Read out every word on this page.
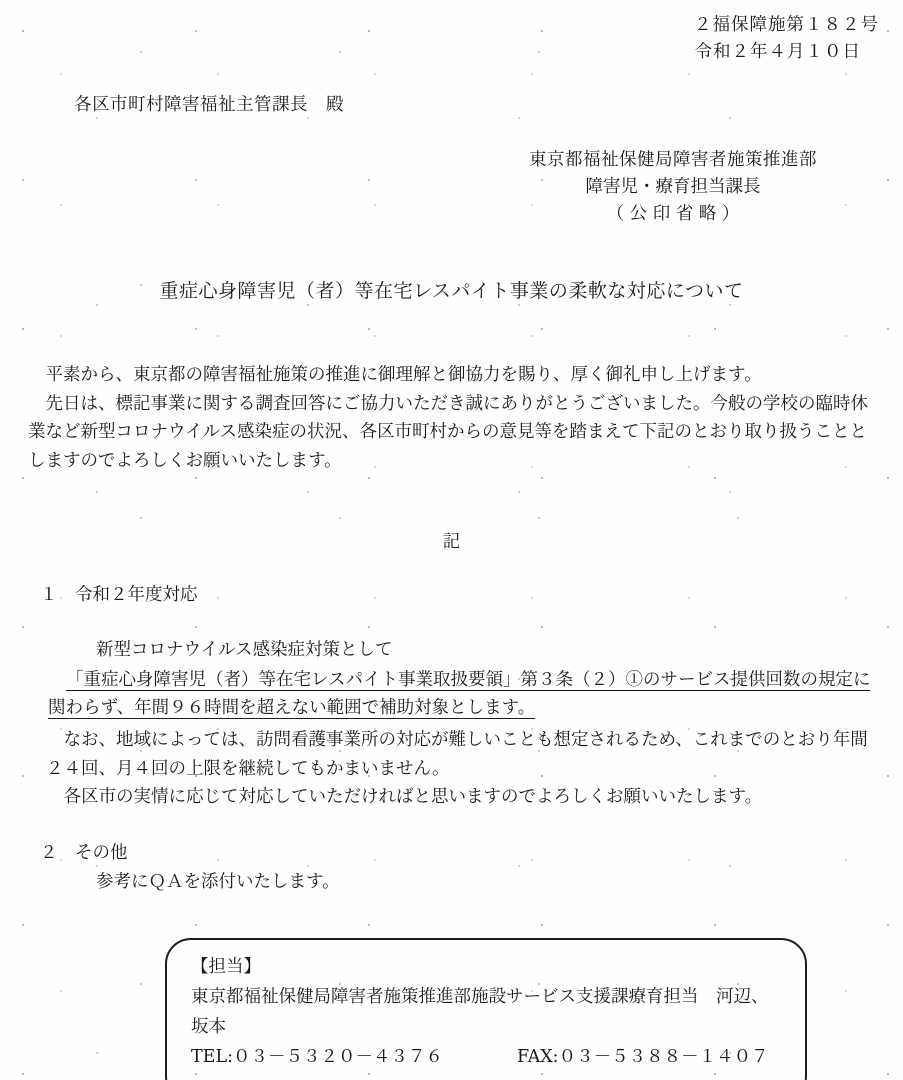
２福保障施第１８２号
令和２年４月１０日
各区市町村障害福祉主管課長　殿
東京都福祉保健局障害者施策推進部
障害児・療育担当課長
（ 公 印 省 略 ）
重症心身障害児（者）等在宅レスパイト事業の柔軟な対応について

平素から、東京都の障害福祉施策の推進に御理解と御協力を賜り、厚く御礼申し上げます。

先日は、標記事業に関する調査回答にご協力いただき誠にありがとうございました。今般の学校の臨時休業など新型コロナウイルス感染症の状況、各区市町村からの意見等を踏まえて下記のとおり取り扱うこととしますのでよろしくお願いいたします。

記
１　令和２年度対応
新型コロナウイルス感染症対策として
「重症心身障害児（者）等在宅レスパイト事業取扱要領」第３条（２）①のサービス提供回数の規定に関わらず、年間９６時間を超えない範囲で補助対象とします。
なお、地域によっては、訪問看護事業所の対応が難しいことも想定されるため、これまでのとおり年間２４回、月４回の上限を継続してもかまいません。
各区市の実情に応じて対応していただければと思いますのでよろしくお願いいたします。
２　その他
参考にＱＡを添付いたします。
【担当】
東京都福祉保健局障害者施策推進部施設サービス支援課療育担当　河辺、坂本
TEL:０３－５３２０－４３７６	FAX:０３－５３８８－１４０７
